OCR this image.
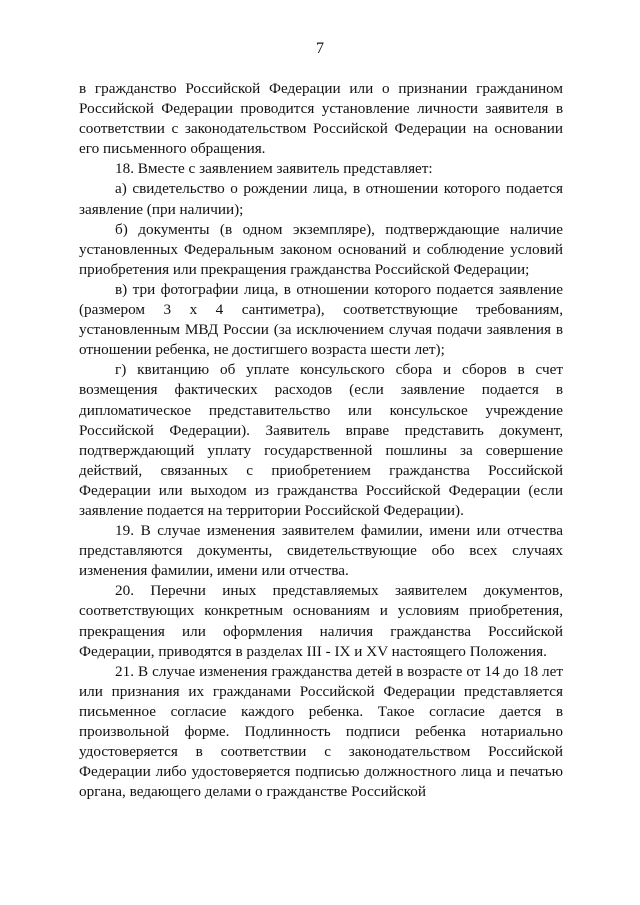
7

в гражданство Российской Федерации или о признании гражданином Российской Федерации проводится установление личности заявителя в соответствии с законодательством Российской Федерации на основании его письменного обращения.

18. Вместе с заявлением заявитель представляет:

а) свидетельство о рождении лица, в отношении которого подается заявление (при наличии);

б) документы (в одном экземпляре), подтверждающие наличие установленных Федеральным законом оснований и соблюдение условий приобретения или прекращения гражданства Российской Федерации;

в) три фотографии лица, в отношении которого подается заявление (размером 3 х 4 сантиметра), соответствующие требованиям, установленным МВД России (за исключением случая подачи заявления в отношении ребенка, не достигшего возраста шести лет);

г) квитанцию об уплате консульского сбора и сборов в счет возмещения фактических расходов (если заявление подается в дипломатическое представительство или консульское учреждение Российской Федерации). Заявитель вправе представить документ, подтверждающий уплату государственной пошлины за совершение действий, связанных с приобретением гражданства Российской Федерации или выходом из гражданства Российской Федерации (если заявление подается на территории Российской Федерации).

19. В случае изменения заявителем фамилии, имени или отчества представляются документы, свидетельствующие обо всех случаях изменения фамилии, имени или отчества.

20. Перечни иных представляемых заявителем документов, соответствующих конкретным основаниям и условиям приобретения, прекращения или оформления наличия гражданства Российской Федерации, приводятся в разделах III - IX и XV настоящего Положения.

21. В случае изменения гражданства детей в возрасте от 14 до 18 лет или признания их гражданами Российской Федерации представляется письменное согласие каждого ребенка. Такое согласие дается в произвольной форме. Подлинность подписи ребенка нотариально удостоверяется в соответствии с законодательством Российской Федерации либо удостоверяется подписью должностного лица и печатью органа, ведающего делами о гражданстве Российской
